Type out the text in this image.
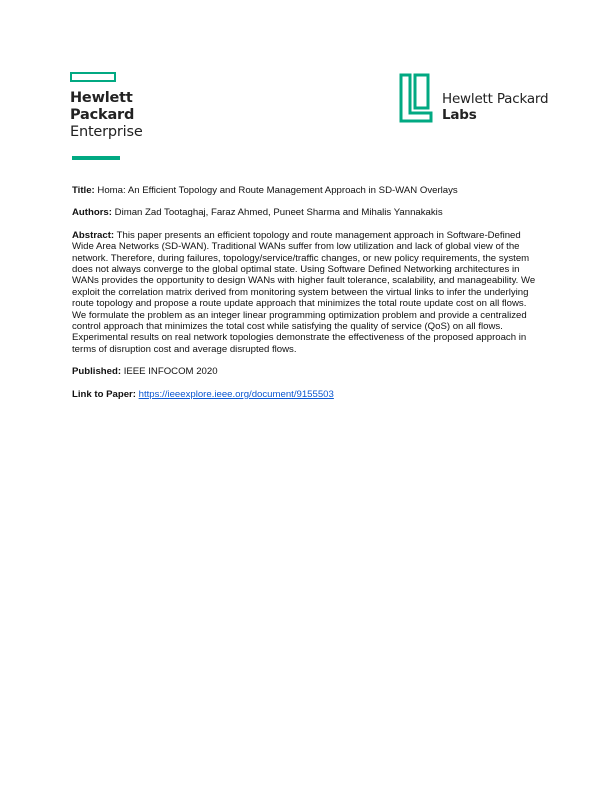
Hewlett Packard
Enterprise
Hewlett Packard
Labs

Title: Homa: An Efficient Topology and Route Management Approach in SD-WAN Overlays

Authors: Diman Zad Tootaghaj, Faraz Ahmed, Puneet Sharma and Mihalis Yannakakis

Abstract: This paper presents an efficient topology and route management approach in Software-Defined Wide Area Networks (SD-WAN). Traditional WANs suffer from low utilization and lack of global view of the network. Therefore, during failures, topology/service/traffic changes, or new policy requirements, the system does not always converge to the global optimal state. Using Software Defined Networking architectures in WANs provides the opportunity to design WANs with higher fault tolerance, scalability, and manageability. We exploit the correlation matrix derived from monitoring system between the virtual links to infer the underlying route topology and propose a route update approach that minimizes the total route update cost on all flows. We formulate the problem as an integer linear programming optimization problem and provide a centralized control approach that minimizes the total cost while satisfying the quality of service (QoS) on all flows. Experimental results on real network topologies demonstrate the effectiveness of the proposed approach in terms of disruption cost and average disrupted flows.

Published: IEEE INFOCOM 2020

Link to Paper: https://ieeexplore.ieee.org/document/9155503
